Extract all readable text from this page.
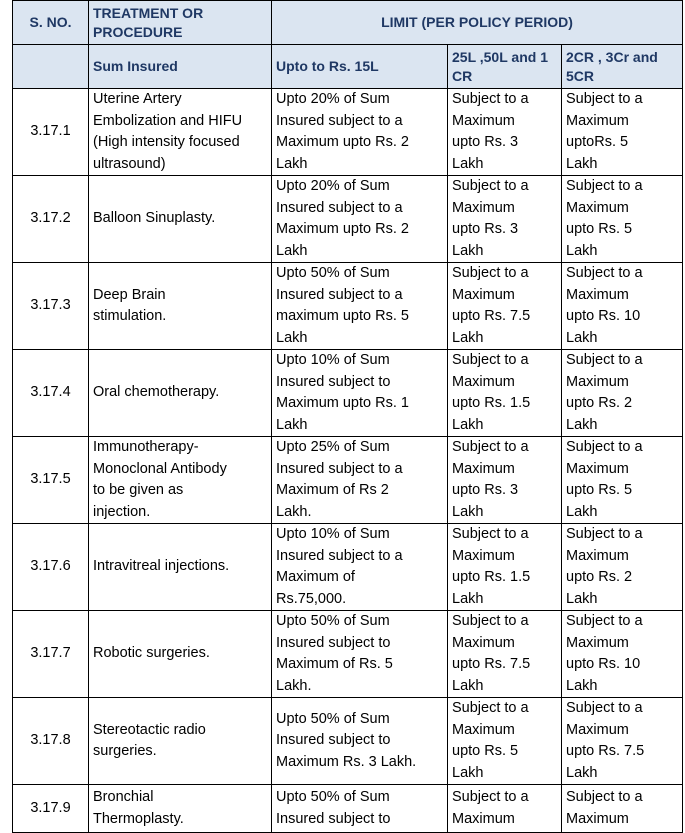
S. NO.	TREATMENT OR PROCEDURE	LIMIT (PER POLICY PERIOD)		
	Sum Insured	Upto to Rs. 15L	25L ,50L and 1 CR	2CR , 3Cr and 5CR
3.17.1	Uterine Artery
Embolization and HIFU
(High intensity focused
ultrasound)	Upto 20% of Sum
Insured subject to a
Maximum upto Rs. 2
Lakh	Subject to a
Maximum
upto Rs. 3
Lakh	Subject to a
Maximum
uptoRs. 5
Lakh
3.17.2	Balloon Sinuplasty.	Upto 20% of Sum
Insured subject to a
Maximum upto Rs. 2
Lakh	Subject to a
Maximum
upto Rs. 3
Lakh	Subject to a
Maximum
upto Rs. 5
Lakh
3.17.3	Deep Brain
stimulation.	Upto 50% of Sum
Insured subject to a
maximum upto Rs. 5
Lakh	Subject to a
Maximum
upto Rs. 7.5
Lakh	Subject to a
Maximum
upto Rs. 10
Lakh
3.17.4	Oral chemotherapy.	Upto 10% of Sum
Insured subject to
Maximum upto Rs. 1
Lakh	Subject to a
Maximum
upto Rs. 1.5
Lakh	Subject to a
Maximum
upto Rs. 2
Lakh
3.17.5	Immunotherapy-
Monoclonal Antibody
to be given as
injection.	Upto 25% of Sum
Insured subject to a
Maximum of Rs 2
Lakh.	Subject to a
Maximum
upto Rs. 3
Lakh	Subject to a
Maximum
upto Rs. 5
Lakh
3.17.6	Intravitreal injections.	Upto 10% of Sum
Insured subject to a
Maximum of
Rs.75,000.	Subject to a
Maximum
upto Rs. 1.5
Lakh	Subject to a
Maximum
upto Rs. 2
Lakh
3.17.7	Robotic surgeries.	Upto 50% of Sum
Insured subject to
Maximum of Rs. 5
Lakh.	Subject to a
Maximum
upto Rs. 7.5
Lakh	Subject to a
Maximum
upto Rs. 10
Lakh
3.17.8	Stereotactic radio
surgeries.	Upto 50% of Sum
Insured subject to
Maximum Rs. 3 Lakh.	Subject to a
Maximum
upto Rs. 5
Lakh	Subject to a
Maximum
upto Rs. 7.5
Lakh
3.17.9	Bronchial
Thermoplasty.	Upto 50% of Sum
Insured subject to	Subject to a
Maximum	Subject to a
Maximum
